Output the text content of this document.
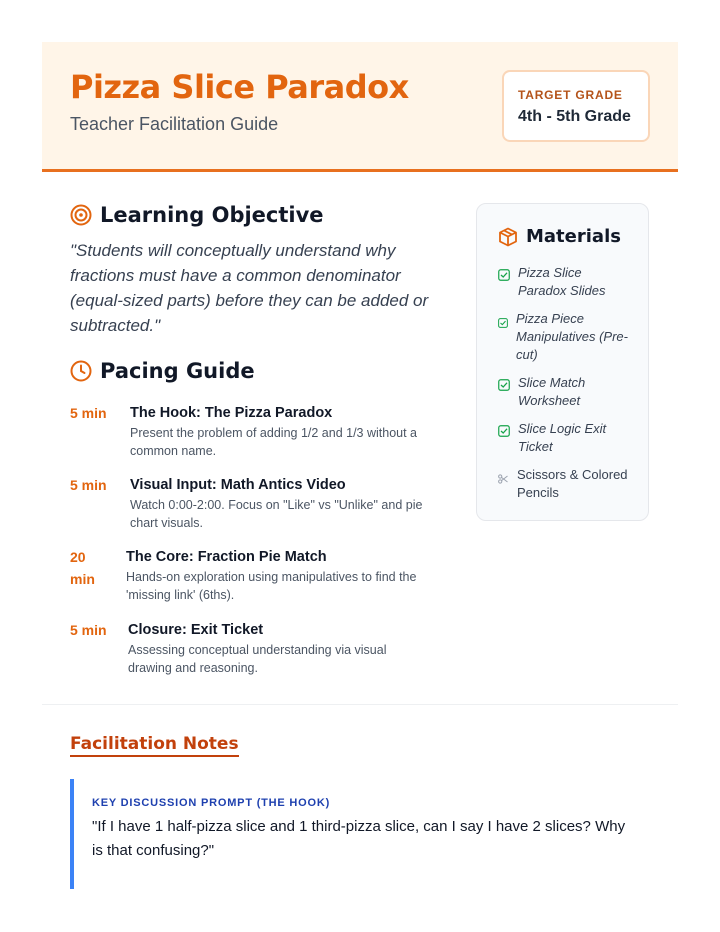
Pizza Slice Paradox
Teacher Facilitation Guide
TARGET GRADE
4th - 5th Grade
Learning Objective
"Students will conceptually understand why
fractions must have a common denominator
(equal-sized parts) before they can be added or
subtracted."
Pacing Guide
5 min	The Hook: The Pizza Paradox
Present the problem of adding 1/2 and 1/3 without a
common name.
5 min	Visual Input: Math Antics Video
Watch 0:00-2:00. Focus on "Like" vs "Unlike" and pie
chart visuals.
20 min
The Core: Fraction Pie Match
Hands-on exploration using manipulatives to find the
'missing link' (6ths).
5 min	Closure: Exit Ticket
Assessing conceptual understanding via visual
drawing and reasoning.
Materials
Pizza Slice
Paradox Slides
Pizza Piece
Manipulatives (Pre-
cut)
Slice Match
Worksheet
Slice Logic Exit
Ticket
Scissors & Colored
Pencils
Facilitation Notes
KEY DISCUSSION PROMPT (THE HOOK)
"If I have 1 half-pizza slice and 1 third-pizza slice, can I say I have 2 slices? Why
is that confusing?"
